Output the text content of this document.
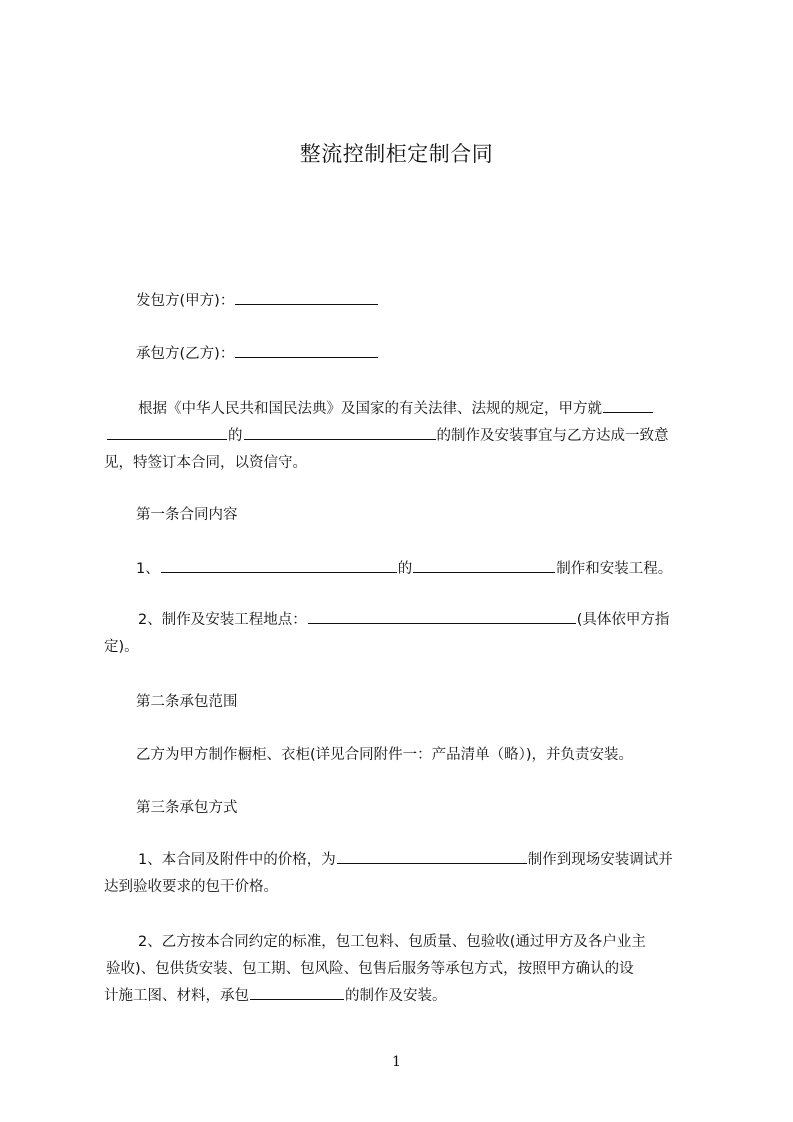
整流控制柜定制合同
发包方(甲方)：
承包方(乙方)：
根据《中华人民共和国民法典》及国家的有关法律、法规的规定，甲方就
的	的制作及安装事宜与乙方达成一致意
见，特签订本合同，以资信守。
第一条合同内容
1、	的	制作和安装工程。
2、制作及安装工程地点：	(具体依甲方指
定)。
第二条承包范围
乙方为甲方制作橱柜、衣柜(详见合同附件一：产品清单（略）)，并负责安装。
第三条承包方式
1、本合同及附件中的价格，为	制作到现场安装调试并
达到验收要求的包干价格。
2、乙方按本合同约定的标准，包工包料、包质量、包验收(通过甲方及各户业主
验收)、包供货安装、包工期、包风险、包售后服务等承包方式，按照甲方确认的设
计施工图、材料，承包	的制作及安装。
1
